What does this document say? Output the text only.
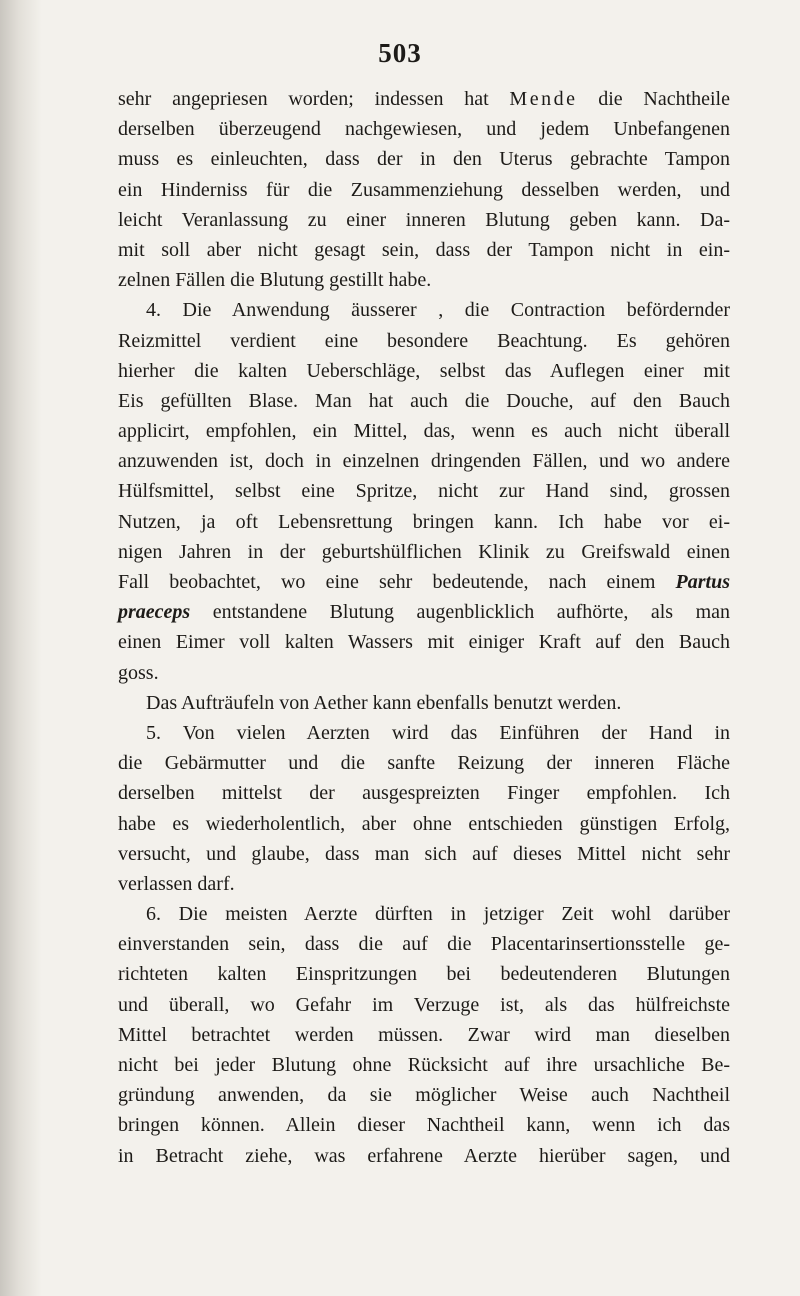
503
sehr angepriesen worden; indessen hat Mende die Nachtheile
derselben überzeugend nachgewiesen, und jedem Unbefangenen
muss es einleuchten, dass der in den Uterus gebrachte Tampon
ein Hinderniss für die Zusammenziehung desselben werden, und
leicht Veranlassung zu einer inneren Blutung geben kann. Da-
mit soll aber nicht gesagt sein, dass der Tampon nicht in ein-
zelnen Fällen die Blutung gestillt habe.
4. Die Anwendung äusserer , die Contraction befördernder
Reizmittel verdient eine besondere Beachtung. Es gehören
hierher die kalten Ueberschläge, selbst das Auflegen einer mit
Eis gefüllten Blase. Man hat auch die Douche, auf den Bauch
applicirt, empfohlen, ein Mittel, das, wenn es auch nicht überall
anzuwenden ist, doch in einzelnen dringenden Fällen, und wo andere
Hülfsmittel, selbst eine Spritze, nicht zur Hand sind, grossen
Nutzen, ja oft Lebensrettung bringen kann. Ich habe vor ei-
nigen Jahren in der geburtshülflichen Klinik zu Greifswald einen
Fall beobachtet, wo eine sehr bedeutende, nach einem Partus
praeceps entstandene Blutung augenblicklich aufhörte, als man
einen Eimer voll kalten Wassers mit einiger Kraft auf den Bauch
goss.
Das Aufträufeln von Aether kann ebenfalls benutzt werden.
5. Von vielen Aerzten wird das Einführen der Hand in
die Gebärmutter und die sanfte Reizung der inneren Fläche
derselben mittelst der ausgespreizten Finger empfohlen. Ich
habe es wiederholentlich, aber ohne entschieden günstigen Erfolg,
versucht, und glaube, dass man sich auf dieses Mittel nicht sehr
verlassen darf.
6. Die meisten Aerzte dürften in jetziger Zeit wohl darüber
einverstanden sein, dass die auf die Placentarinsertionsstelle ge-
richteten kalten Einspritzungen bei bedeutenderen Blutungen
und überall, wo Gefahr im Verzuge ist, als das hülfreichste
Mittel betrachtet werden müssen. Zwar wird man dieselben
nicht bei jeder Blutung ohne Rücksicht auf ihre ursachliche Be-
gründung anwenden, da sie möglicher Weise auch Nachtheil
bringen können. Allein dieser Nachtheil kann, wenn ich das
in Betracht ziehe, was erfahrene Aerzte hierüber sagen, und
